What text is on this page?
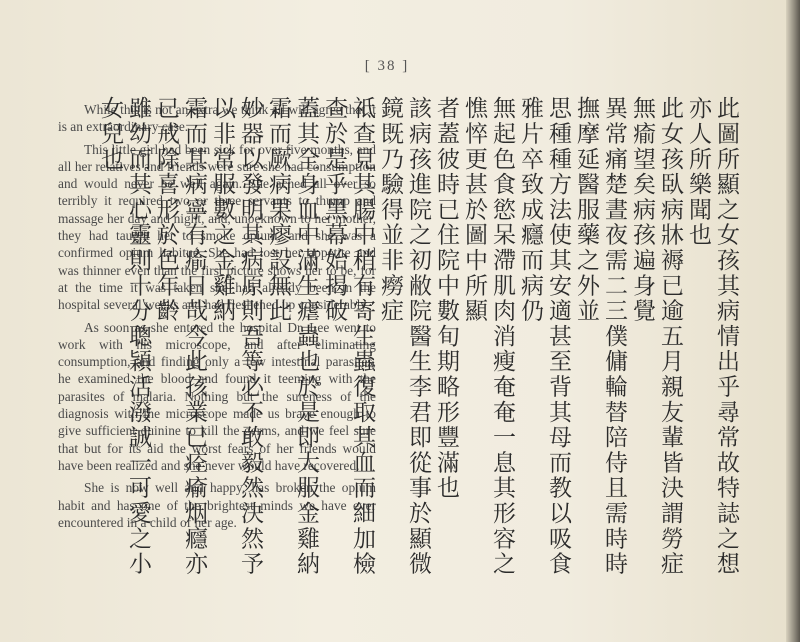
[ 38 ]

While this is not an extra we think all will agree that it is an extraordinary case.

This little girl had been sick for over five months, and all her relatives and friends were sure she had consumption and would never be well again. She ached all over so terribly it required two or three servants to thump and massage her day and night, and, unbeknown to her mother, they had taught her to smoke opium, and she was a confirmed opium habitué. She had lost her appetite and was thinner even than the first picture shows her to be, for at the time it was taken she had already been in the hospital several weeks and had fleshened up considerably.

As soon as she entered the hospital Dr. Lee went to work with his microscope, and after eliminating consumption, and finding only a few intestinal parasites, he examined the blood and found it teeming with the parasites of malaria. Nothing but the sureness of the diagnosis with the microscope made us brave enough to give sufficient quinine to kill the germs, and we feel sure that but for its aid the worst fears of her friends would have been realized and she never would have recovered.

She is now well and happy, has broken the opium habit and has one of the brightest minds we have ever encountered in a child of her age.	此圖所顯之女孩其病情出乎尋常故特誌之想亦人所樂聞也

此女孩臥病牀褥已逾五月親友輩皆決謂勞症無瘉望矣病孩遍身覺

異常痛楚晝夜需二三僕傭輪替陪侍且需時時撫摩延醫服藥之外並

思種種方法使其安適甚至背其母而教以吸食雅片卒致成癮而病仍

無起色食慾呆滯肌肉消瘦奄奄一息其形容之憔悴更甚於圖中所顯

者蓋彼時已住院中數旬期略形豐滿也

該病孩進院之初敝院醫生李君即從事於顯微鏡既乃驗得並非癆症

祗查見其腸中稍有寄生蟲復取其血而細加檢查於是乎黑幕始揭破

蓋其全身血中滿生瘧蟲也於是即大服金雞納霜而厥病果瘳設無此

妙器以發明其病原則吾等必不敢毅然決然予以非常服數之金雞納

霜而其病寧有瘉日哉今此孩業已痊瘉烟癮亦已戒除喜形於色年齡

雖幼而其心靈則十分聰穎活潑誠一可愛之小女兒也
